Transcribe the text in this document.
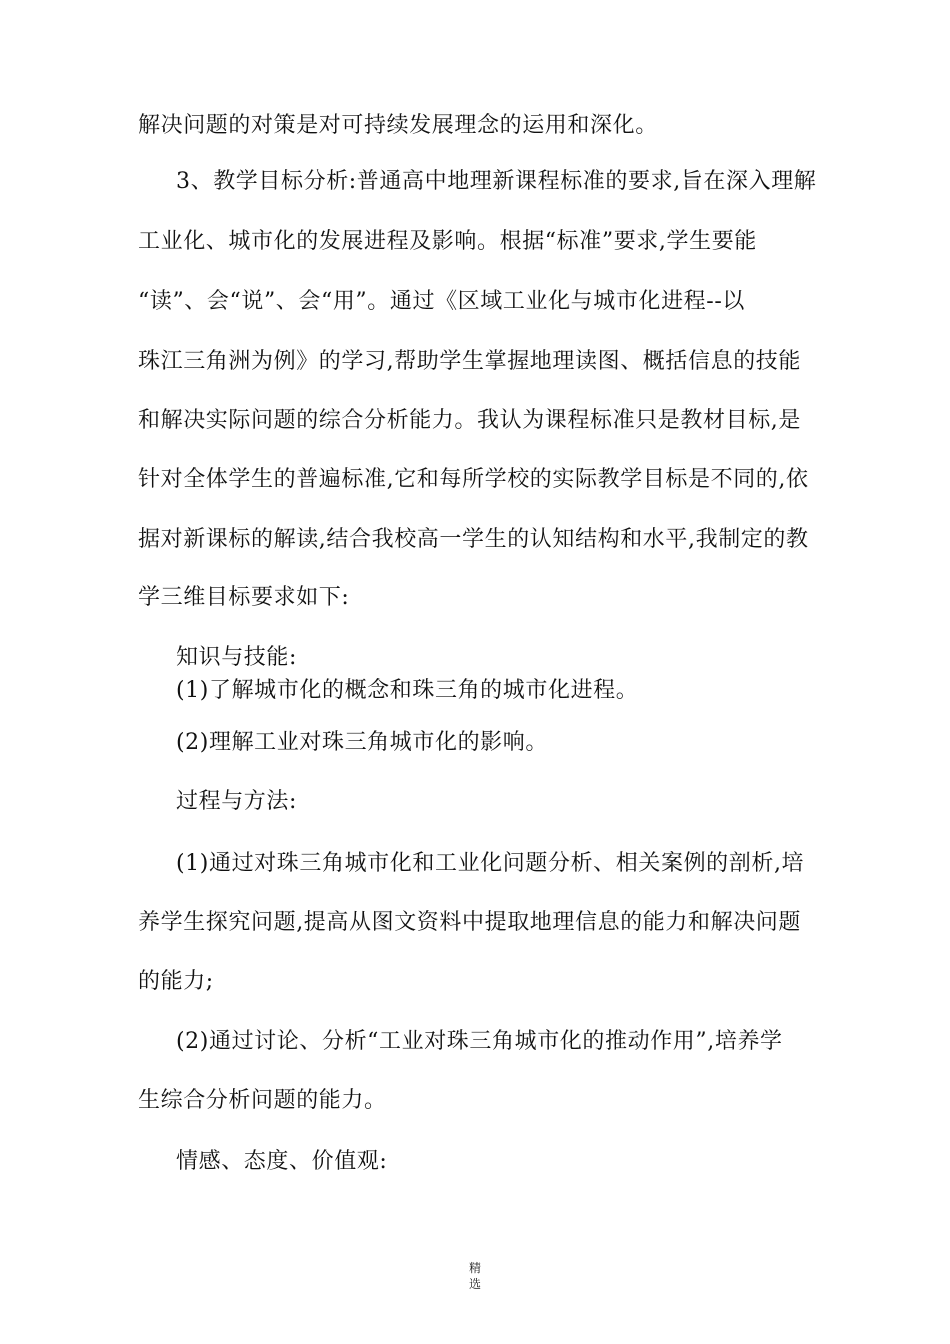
解决问题的对策是对可持续发展理念的运用和深化。

3、教学目标分析:普通高中地理新课程标准的要求,旨在深入理解

工业化、城市化的发展进程及影响。根据“标准”要求,学生要能

“读”、会“说”、会“用”。通过《区域工业化与城市化进程--以

珠江三角洲为例》的学习,帮助学生掌握地理读图、概括信息的技能

和解决实际问题的综合分析能力。我认为课程标准只是教材目标,是

针对全体学生的普遍标准,它和每所学校的实际教学目标是不同的,依

据对新课标的解读,结合我校高一学生的认知结构和水平,我制定的教

学三维目标要求如下:

知识与技能:

(1)了解城市化的概念和珠三角的城市化进程。

(2)理解工业对珠三角城市化的影响。

过程与方法:

(1)通过对珠三角城市化和工业化问题分析、相关案例的剖析,培

养学生探究问题,提高从图文资料中提取地理信息的能力和解决问题

的能力;

(2)通过讨论、分析“工业对珠三角城市化的推动作用”,培养学

生综合分析问题的能力。

情感、态度、价值观:

精
选
